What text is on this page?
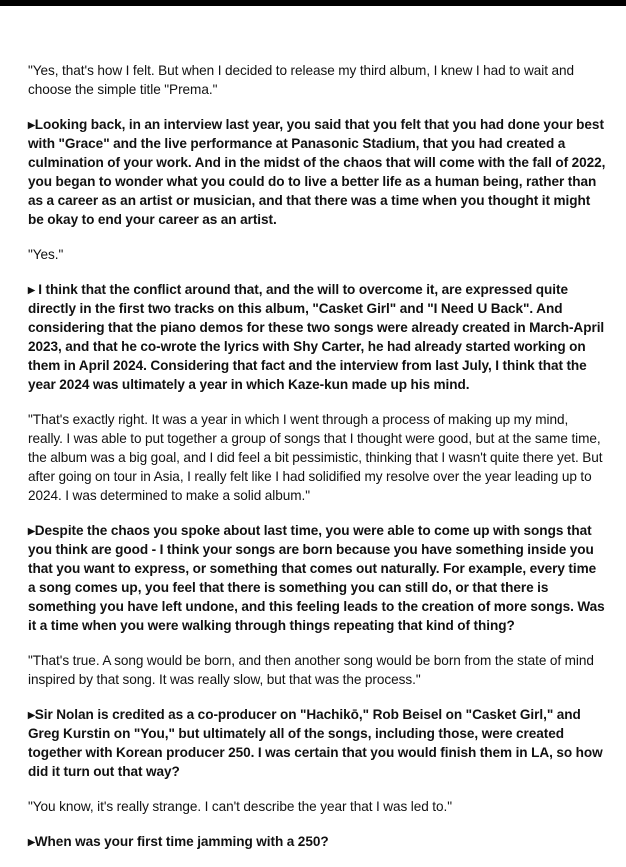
"Yes, that's how I felt. But when I decided to release my third album, I knew I had to wait and choose the simple title "Prema."

▸Looking back, in an interview last year, you said that you felt that you had done your best with "Grace" and the live performance at Panasonic Stadium, that you had created a culmination of your work. And in the midst of the chaos that will come with the fall of 2022, you began to wonder what you could do to live a better life as a human being, rather than as a career as an artist or musician, and that there was a time when you thought it might be okay to end your career as an artist.

"Yes."

▸ I think that the conflict around that, and the will to overcome it, are expressed quite directly in the first two tracks on this album, "Casket Girl" and "I Need U Back". And considering that the piano demos for these two songs were already created in March-April 2023, and that he co-wrote the lyrics with Shy Carter, he had already started working on them in April 2024. Considering that fact and the interview from last July, I think that the year 2024 was ultimately a year in which Kaze-kun made up his mind.

"That's exactly right. It was a year in which I went through a process of making up my mind, really. I was able to put together a group of songs that I thought were good, but at the same time, the album was a big goal, and I did feel a bit pessimistic, thinking that I wasn't quite there yet. But after going on tour in Asia, I really felt like I had solidified my resolve over the year leading up to 2024. I was determined to make a solid album."

▸Despite the chaos you spoke about last time, you were able to come up with songs that you think are good - I think your songs are born because you have something inside you that you want to express, or something that comes out naturally. For example, every time a song comes up, you feel that there is something you can still do, or that there is something you have left undone, and this feeling leads to the creation of more songs. Was it a time when you were walking through things repeating that kind of thing?

"That's true. A song would be born, and then another song would be born from the state of mind inspired by that song. It was really slow, but that was the process."

▸Sir Nolan is credited as a co-producer on "Hachikō," Rob Beisel on "Casket Girl," and Greg Kurstin on "You," but ultimately all of the songs, including those, were created together with Korean producer 250. I was certain that you would finish them in LA, so how did it turn out that way?

"You know, it's really strange. I can't describe the year that I was led to."

▸When was your first time jamming with a 250?
